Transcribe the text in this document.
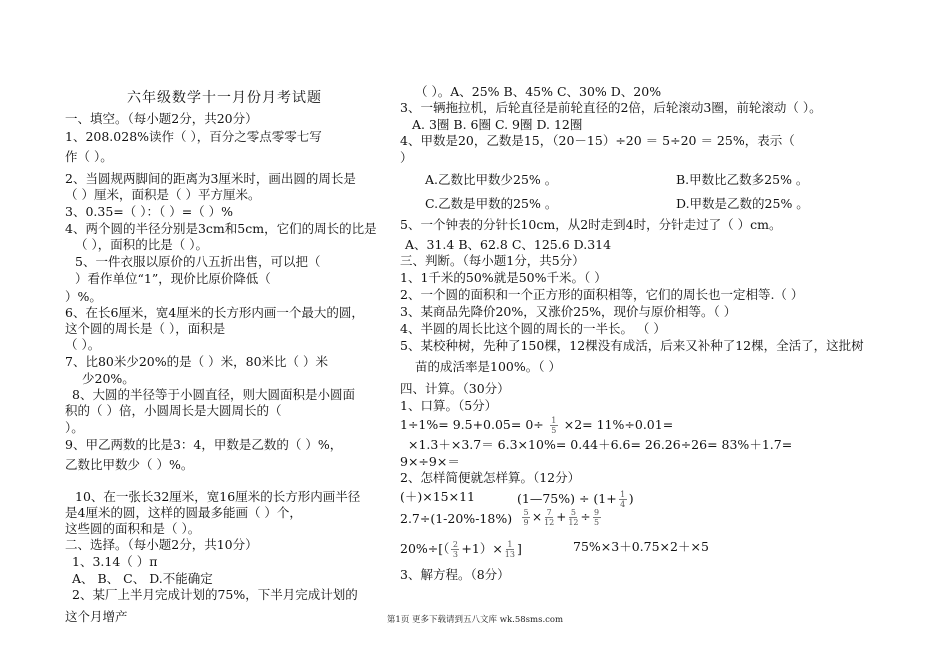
六年级数学十一月份月考试题
一、填空。（每小题2分，共20分）
1、208.028%读作（ ），百分之零点零零七写
作（ ）。
2、当圆规两脚间的距离为3厘米时，画出圆的周长是
（ ）厘米，面积是（ ）平方厘米。
3、0.35=（ ）：（ ）=（ ）%
4、两个圆的半径分别是3cm和5cm，它们的周长的比是
（ ），面积的比是（ ）。
5、一件衣服以原价的八五折出售，可以把（
）看作单位“1”，现价比原价降低（
）%。
6、在长6厘米，宽4厘米的长方形内画一个最大的圆，
这个圆的周长是（ ），面积是
（ ）。
7、比80米少20%的是（ ）米，80米比（ ）米
少20%。
8、大圆的半径等于小圆直径，则大圆面积是小圆面
积的（ ）倍，小圆周长是大圆周长的（
）。
9、甲乙两数的比是3：4，甲数是乙数的（ ）%，
乙数比甲数少（ ）%。
10、在一张长32厘米，宽16厘米的长方形内画半径
是4厘米的圆，这样的圆最多能画（ ）个，
这些圆的面积和是（ ）。
二、选择。（每小题2分，共10分）
1、3.14（ ）π
A、 B、 C、 D.不能确定
2、某厂上半月完成计划的75%，下半月完成计划的
这个月增产
（ ）。A、25% B、45% C、30% D、20%
3、一辆拖拉机，后轮直径是前轮直径的2倍，后轮滚动3圈，前轮滚动（ ）。
A. 3圈 B. 6圈 C. 9圈 D. 12圈
4、甲数是20，乙数是15，（20－15）÷20 ＝ 5÷20 ＝ 25%，表示（
）
A.乙数比甲数少25% 。	B.甲数比乙数多25% 。
C.乙数是甲数的25% 。	D.甲数是乙数的25% 。
5、一个钟表的分针长10cm，从2时走到4时，分针走过了（ ）cm。
A、31.4 B、62.8 C、125.6 D.314
三、判断。（每小题1分，共5分）
1、1千米的50%就是50%千米。（ ）
2、一个圆的面积和一个正方形的面积相等，它们的周长也一定相等.（ ）
3、某商品先降价20%，又涨价25%，现价与原价相等。（ ）
4、半圆的周长比这个圆的周长的一半长。 （ ）
5、某校种树，先种了150棵，12棵没有成活，后来又补种了12棵，全活了，这批树
苗的成活率是100%。（ ）
四、计算。（30分）
1、口算。（5分）
$1\div 1\%= 9.5+0.05= 0\div \frac{1}{5} \times 2= 11\%\div 0.01=$
×1.3＋×3.7＝ 6.3×10%= 0.44＋6.6= 26.26÷26= 83%＋1.7=
9×÷9×＝
2、怎样简便就怎样算。（12分）
(＋)×15×11	(1—75%) ÷ ($1+ \frac{1}{4}$ )
$2.7\div(1-20\%-18\%) \frac{5}{9} \times \frac{7}{12} + \frac{5}{12} \div \frac{9}{5}$
$20\%\div[( \frac{2}{3} +1)\times \frac{1}{13}$ ]	75%×3＋0.75×2＋×5
3、解方程。（8分）
第1页 更多下载请到五八文库 wk.58sms.com
